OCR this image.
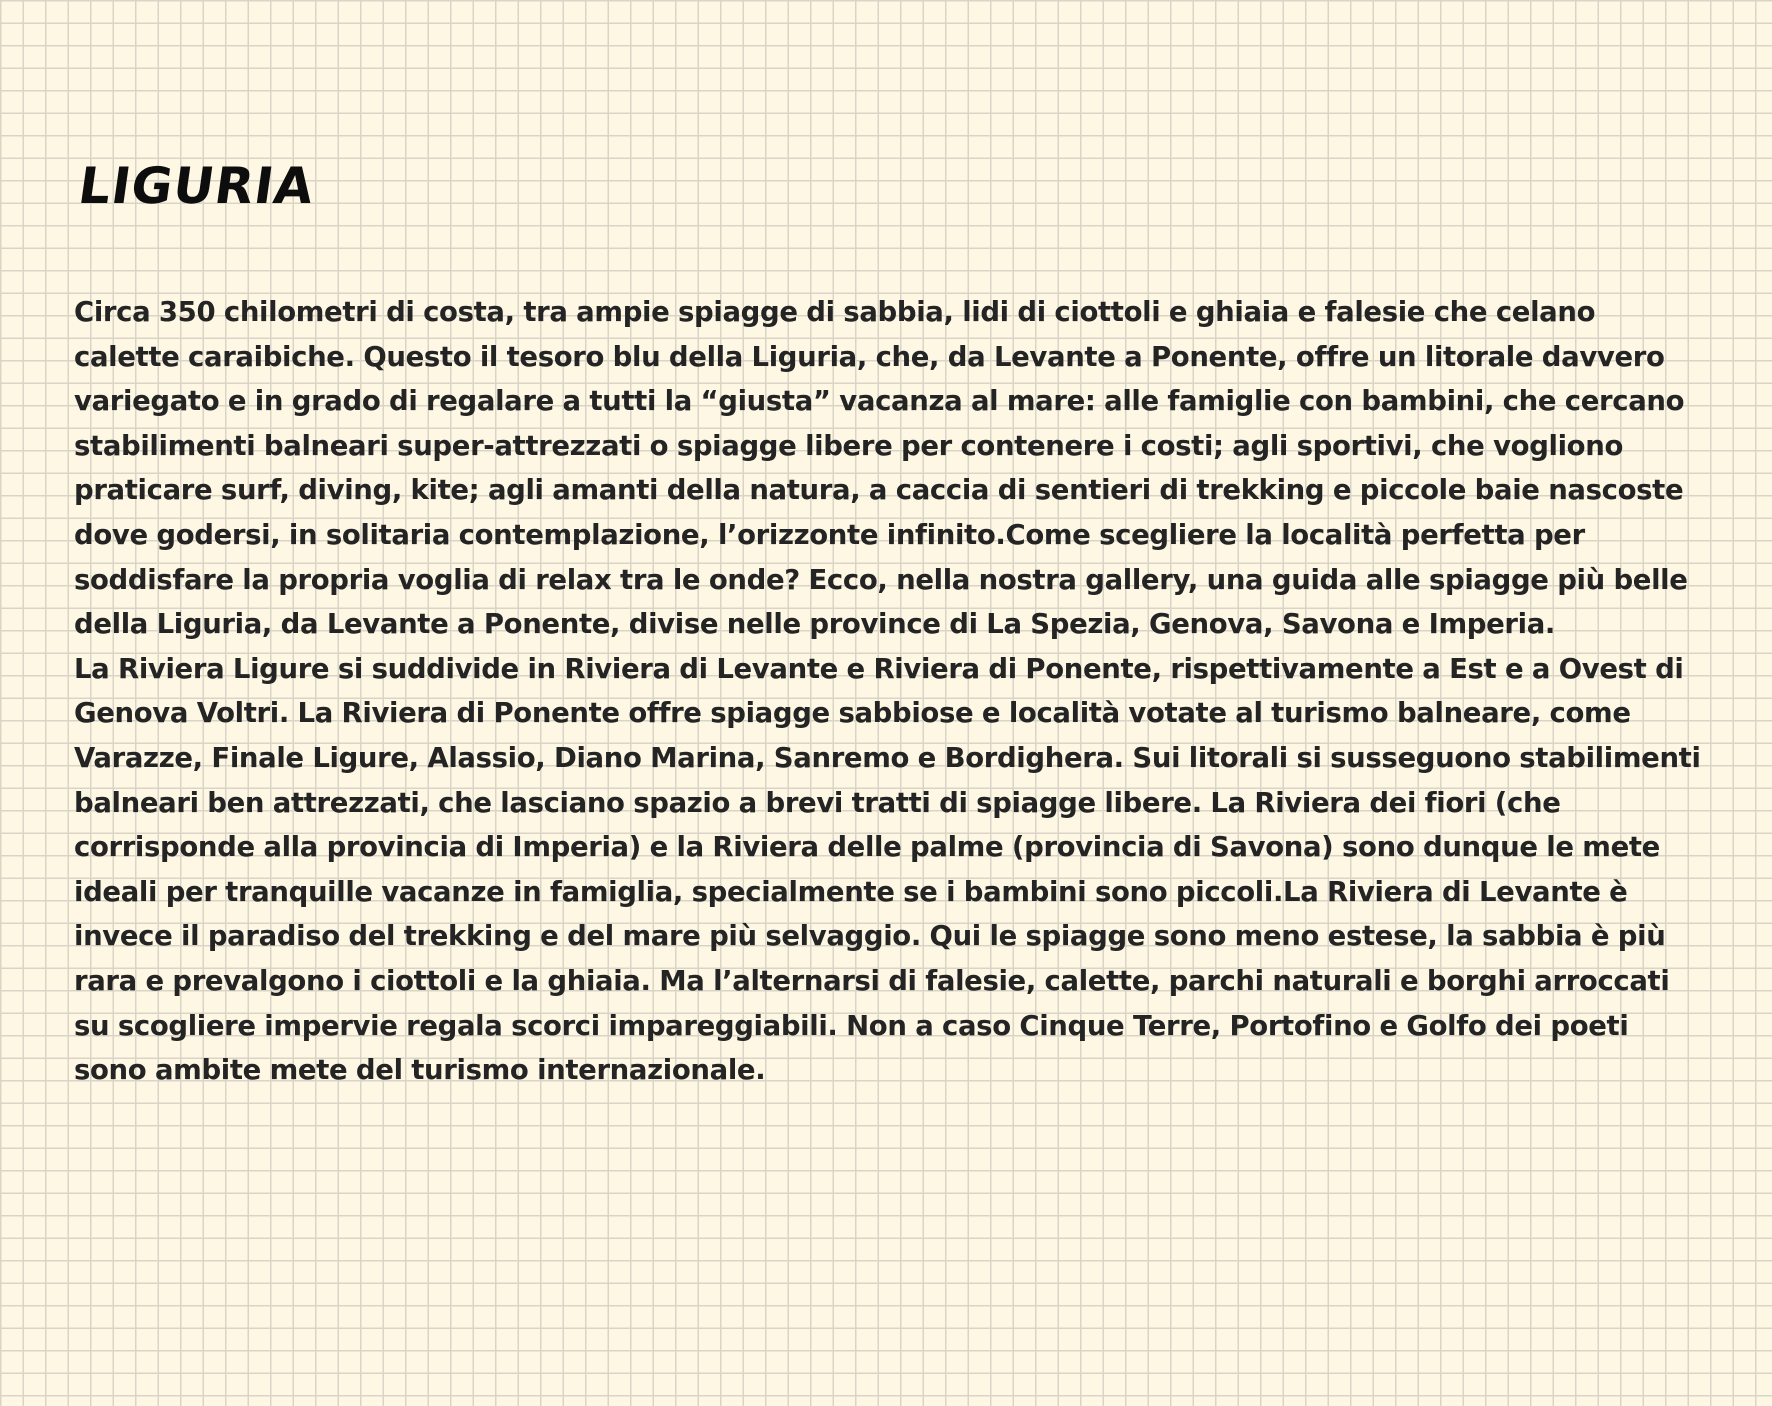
LIGURIA

Circa 350 chilometri di costa, tra ampie spiagge di sabbia, lidi di ciottoli e ghiaia e falesie che celano calette caraibiche. Questo il tesoro blu della Liguria, che, da Levante a Ponente, offre un litorale davvero variegato e in grado di regalare a tutti la “giusta” vacanza al mare: alle famiglie con bambini, che cercano stabilimenti balneari super-attrezzati o spiagge libere per contenere i costi; agli sportivi, che vogliono praticare surf, diving, kite; agli amanti della natura, a caccia di sentieri di trekking e piccole baie nascoste dove godersi, in solitaria contemplazione, l’orizzonte infinito.Come scegliere la località perfetta per soddisfare la propria voglia di relax tra le onde? Ecco, nella nostra gallery, una guida alle spiagge più belle della Liguria, da Levante a Ponente, divise nelle province di La Spezia, Genova, Savona e Imperia.

La Riviera Ligure si suddivide in Riviera di Levante e Riviera di Ponente, rispettivamente a Est e a Ovest di Genova Voltri. La Riviera di Ponente offre spiagge sabbiose e località votate al turismo balneare, come Varazze, Finale Ligure, Alassio, Diano Marina, Sanremo e Bordighera. Sui litorali si susseguono stabilimenti balneari ben attrezzati, che lasciano spazio a brevi tratti di spiagge libere. La Riviera dei fiori (che corrisponde alla provincia di Imperia) e la Riviera delle palme (provincia di Savona) sono dunque le mete ideali per tranquille vacanze in famiglia, specialmente se i bambini sono piccoli.La Riviera di Levante è invece il paradiso del trekking e del mare più selvaggio. Qui le spiagge sono meno estese, la sabbia è più rara e prevalgono i ciottoli e la ghiaia. Ma l’alternarsi di falesie, calette, parchi naturali e borghi arroccati su scogliere impervie regala scorci impareggiabili. Non a caso Cinque Terre, Portofino e Golfo dei poeti sono ambite mete del turismo internazionale.
